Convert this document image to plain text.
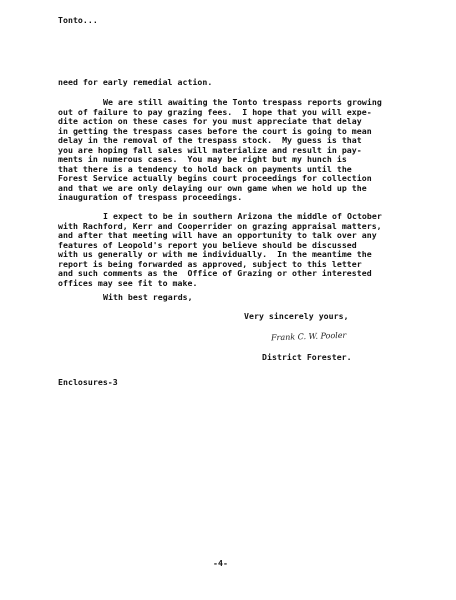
Tonto...
need for early remedial action.
We are still awaiting the Tonto trespass reports growing
out of failure to pay grazing fees.  I hope that you will expe-
dite action on these cases for you must appreciate that delay
in getting the trespass cases before the court is going to mean
delay in the removal of the trespass stock.  My guess is that
you are hoping fall sales will materialize and result in pay-
ments in numerous cases.  You may be right but my hunch is
that there is a tendency to hold back on payments until the
Forest Service actually begins court proceedings for collection
and that we are only delaying our own game when we hold up the
inauguration of trespass proceedings.
I expect to be in southern Arizona the middle of October
with Rachford, Kerr and Cooperrider on grazing appraisal matters,
and after that meeting will have an opportunity to talk over any
features of Leopold's report you believe should be discussed
with us generally or with me individually.  In the meantime the
report is being forwarded as approved, subject to this letter
and such comments as the  Office of Grazing or other interested
offices may see fit to make.
With best regards,
Very sincerely yours,
Frank C. W. Pooler
District Forester.
Enclosures-3
-4-
